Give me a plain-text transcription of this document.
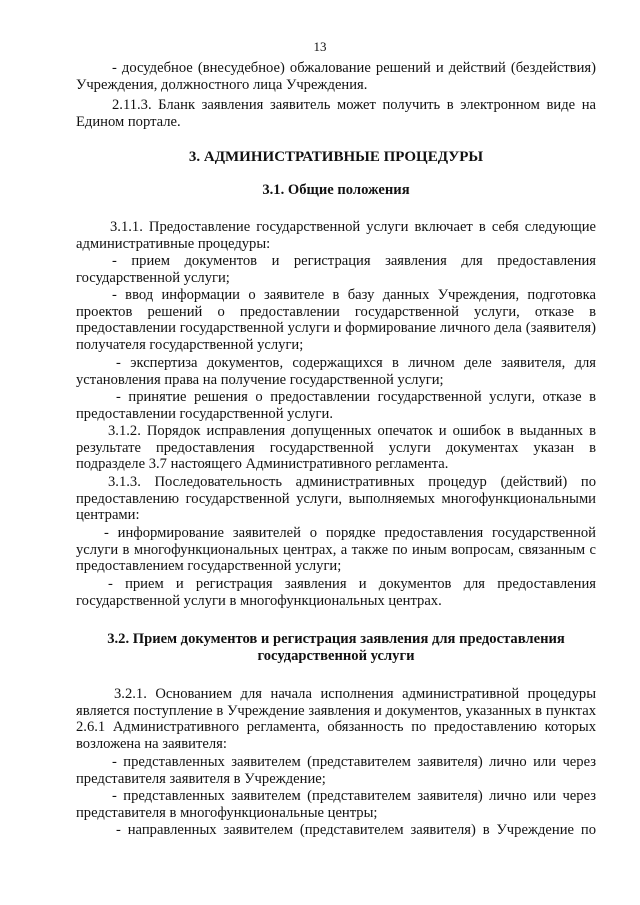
13

- досудебное (внесудебное) обжалование решений и действий (бездействия) Учреждения, должностного лица Учреждения.

2.11.3. Бланк заявления заявитель может получить в электронном виде на Едином портале.

3. АДМИНИСТРАТИВНЫЕ ПРОЦЕДУРЫ
3.1. Общие положения

3.1.1. Предоставление государственной услуги включает в себя следующие административные процедуры:

- прием документов и регистрация заявления для предоставления государственной услуги;

- ввод информации о заявителе в базу данных Учреждения, подготовка проектов решений о предоставлении государственной услуги, отказе в предоставлении государственной услуги и формирование личного дела (заявителя) получателя государственной услуги;

- экспертиза документов, содержащихся в личном деле заявителя, для установления права на получение государственной услуги;

- принятие решения о предоставлении государственной услуги, отказе в предоставлении государственной услуги.

3.1.2. Порядок исправления допущенных опечаток и ошибок в выданных в результате предоставления государственной услуги документах указан в подразделе 3.7 настоящего Административного регламента.

3.1.3. Последовательность административных процедур (действий) по предоставлению государственной услуги, выполняемых многофункциональными центрами:

- информирование заявителей о порядке предоставления государственной услуги в многофункциональных центрах, а также по иным вопросам, связанным с предоставлением государственной услуги;

- прием и регистрация заявления и документов для предоставления государственной услуги в многофункциональных центрах.

3.2. Прием документов и регистрация заявления для предоставления
государственной услуги

3.2.1. Основанием для начала исполнения административной процедуры является поступление в Учреждение заявления и документов, указанных в пунктах 2.6.1 Административного регламента, обязанность по предоставлению которых возложена на заявителя:

- представленных заявителем (представителем заявителя) лично или через представителя заявителя в Учреждение;

- представленных заявителем (представителем заявителя) лично или через представителя в многофункциональные центры;

- направленных заявителем (представителем заявителя) в Учреждение по
